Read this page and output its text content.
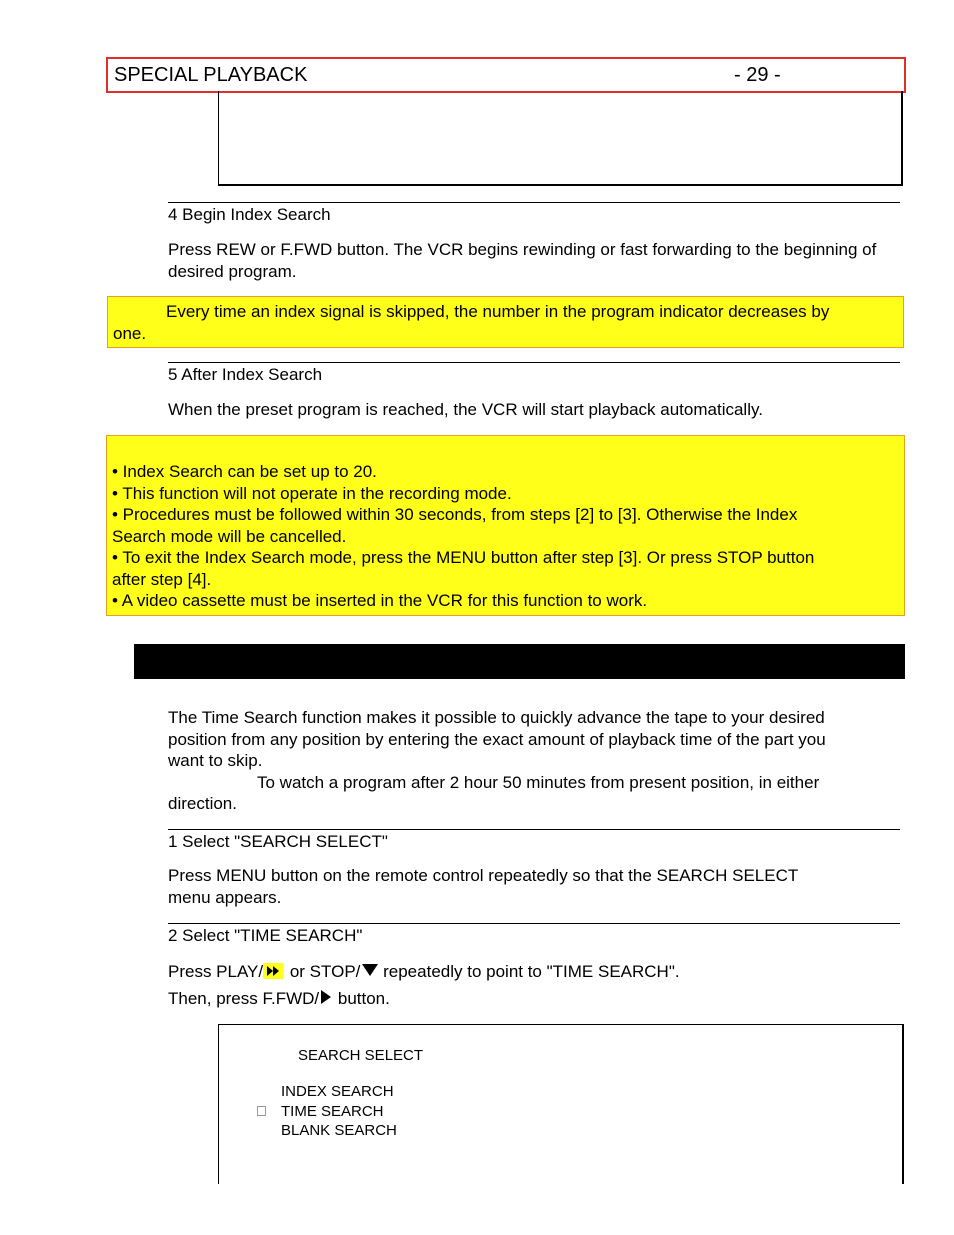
SPECIAL PLAYBACK	- 29 -
4 Begin Index Search
Press REW or F.FWD button. The VCR begins rewinding or fast forwarding to the beginning of desired program.
Every time an index signal is skipped, the number in the program indicator decreases by
one.
5 After Index Search
When the preset program is reached, the VCR will start playback automatically.
• Index Search can be set up to 20.
• This function will not operate in the recording mode.
• Procedures must be followed within 30 seconds, from steps [2] to [3]. Otherwise the Index
Search mode will be cancelled.
• To exit the Index Search mode, press the MENU button after step [3]. Or press STOP button
after step [4].
• A video cassette must be inserted in the VCR for this function to work.
The Time Search function makes it possible to quickly advance the tape to your desired
position from any position by entering the exact amount of playback time of the part you
want to skip.
To watch a program after 2 hour 50 minutes from present position, in either
direction.
1 Select "SEARCH SELECT"
Press MENU button on the remote control repeatedly so that the SEARCH SELECT
menu appears.
2 Select "TIME SEARCH"
Press PLAY/
or STOP/ repeatedly to point to "TIME SEARCH".
Then, press F.FWD/ button.
SEARCH SELECT
INDEX SEARCH
TIME SEARCH
BLANK SEARCH
